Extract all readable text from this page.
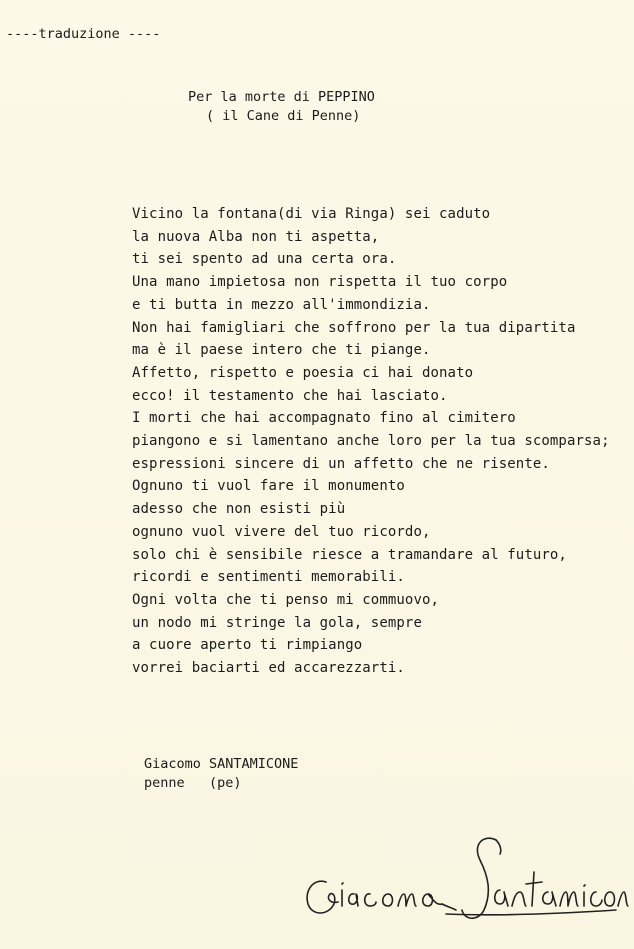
----traduzione ----
Per la morte di PEPPINO
( il Cane di Penne)
Vicino la fontana(di via Ringa) sei caduto
la nuova Alba non ti aspetta,
ti sei spento ad una certa ora.
Una mano impietosa non rispetta il tuo corpo
e ti butta in mezzo all'immondizia.
Non hai famigliari che soffrono per la tua dipartita
ma è il paese intero che ti piange.
Affetto, rispetto e poesia ci hai donato
ecco! il testamento che hai lasciato.
I morti che hai accompagnato fino al cimitero
piangono e si lamentano anche loro per la tua scomparsa;
espressioni sincere di un affetto che ne risente.
Ognuno ti vuol fare il monumento
adesso che non esisti più
ognuno vuol vivere del tuo ricordo,
solo chi è sensibile riesce a tramandare al futuro,
ricordi e sentimenti memorabili.
Ogni volta che ti penso mi commuovo,
un nodo mi stringe la gola, sempre
a cuore aperto ti rimpiango
vorrei baciarti ed accarezzarti.
Giacomo SANTAMICONE
penne   (pe)
